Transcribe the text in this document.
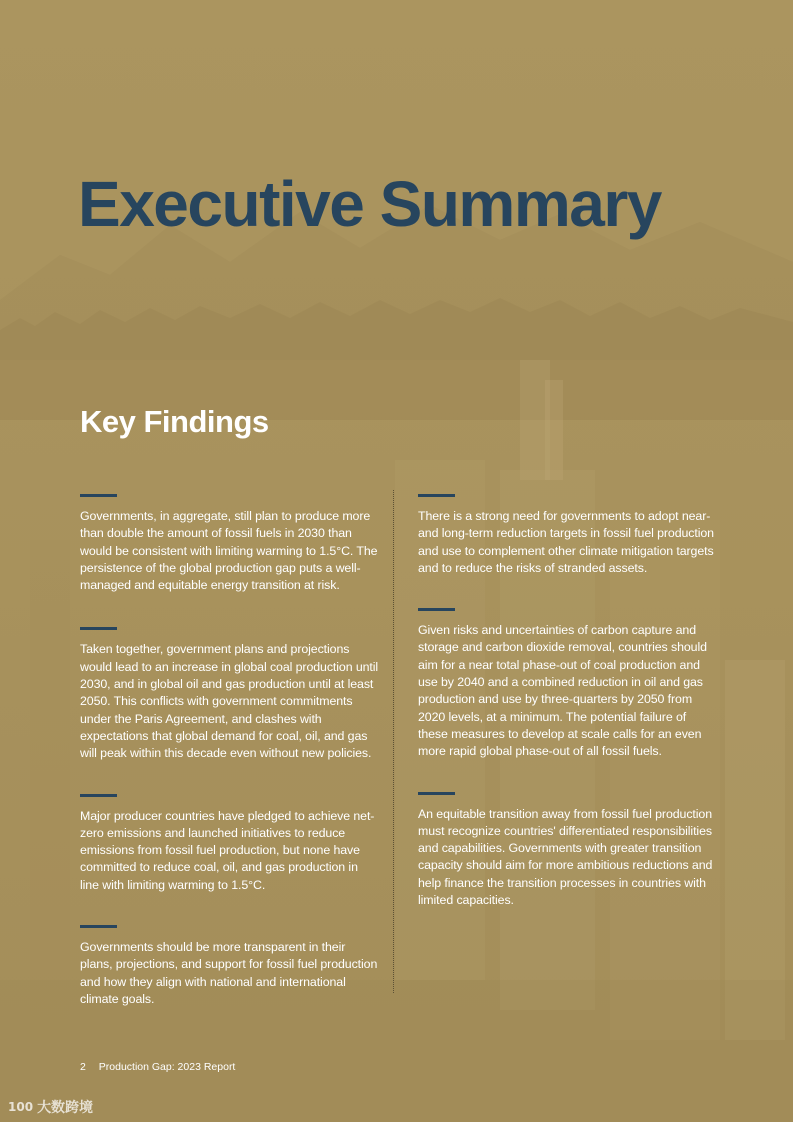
Executive Summary
Key Findings

Governments, in aggregate, still plan to produce more than double the amount of fossil fuels in 2030 than would be consistent with limiting warming to 1.5°C. The persistence of the global production gap puts a well-managed and equitable energy transition at risk.

Taken together, government plans and projections would lead to an increase in global coal production until 2030, and in global oil and gas production until at least 2050. This conflicts with government commitments under the Paris Agreement, and clashes with expectations that global demand for coal, oil, and gas will peak within this decade even without new policies.

Major producer countries have pledged to achieve net-zero emissions and launched initiatives to reduce emissions from fossil fuel production, but none have committed to reduce coal, oil, and gas production in line with limiting warming to 1.5°C.

Governments should be more transparent in their plans, projections, and support for fossil fuel production and how they align with national and international climate goals.

There is a strong need for governments to adopt near- and long-term reduction targets in fossil fuel production and use to complement other climate mitigation targets and to reduce the risks of stranded assets.

Given risks and uncertainties of carbon capture and storage and carbon dioxide removal, countries should aim for a near total phase-out of coal production and use by 2040 and a combined reduction in oil and gas production and use by three-quarters by 2050 from 2020 levels, at a minimum. The potential failure of these measures to develop at scale calls for an even more rapid global phase-out of all fossil fuels.

An equitable transition away from fossil fuel production must recognize countries' differentiated responsibilities and capabilities. Governments with greater transition capacity should aim for more ambitious reductions and help finance the transition processes in countries with limited capacities.

2 Production Gap: 2023 Report
100 大数跨境
